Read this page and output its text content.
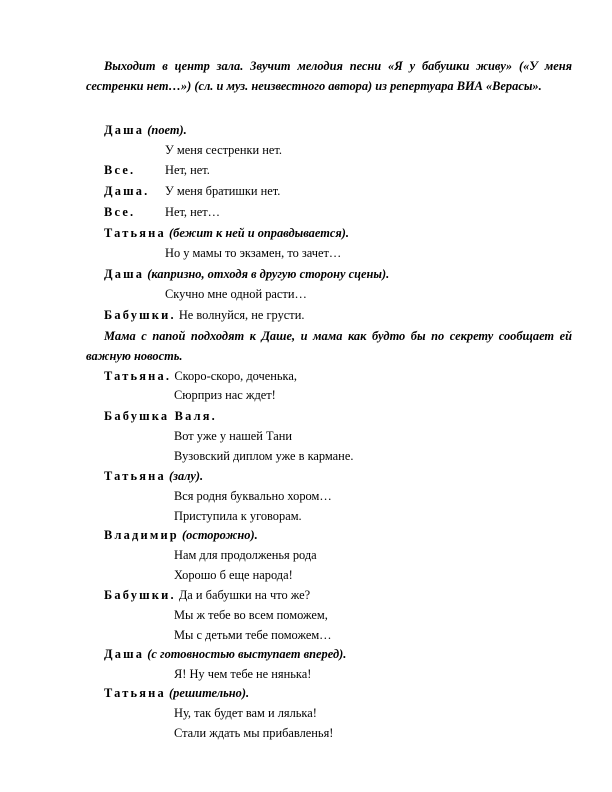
Выходит в центр зала. Звучит мелодия песни «Я у бабушки живу» («У меня сестренки нет…») (сл. и муз. неизвестного автора) из репертуара ВИА «Верасы».
Даша (поет).
У меня сестренки нет.
Все. Нет, нет.
Даша. У меня братишки нет.
Все. Нет, нет…
Татьяна (бежит к ней и оправдывается).
Но у мамы то экзамен, то зачет…
Даша (капризно, отходя в другую сторону сцены).
Скучно мне одной расти…
Бабушки. Не волнуйся, не грусти.
Мама с папой подходят к Даше, и мама как будто бы по секрету сообщает ей важную новость.
Татьяна. Скоро-скоро, доченька,
Сюрприз нас ждет!
Бабушка Валя.
Вот уже у нашей Тани
Вузовский диплом уже в кармане.
Татьяна (залу).
Вся родня буквально хором…
Приступила к уговорам.
Владимир (осторожно).
Нам для продолженья рода
Хорошо б еще народа!
Бабушки. Да и бабушки на что же?
Мы ж тебе во всем поможем,
Мы с детьми тебе поможем…
Даша (с готовностью выступает вперед).
Я! Ну чем тебе не нянька!
Татьяна (решительно).
Ну, так будет вам и лялька!
Стали ждать мы прибавленья!
